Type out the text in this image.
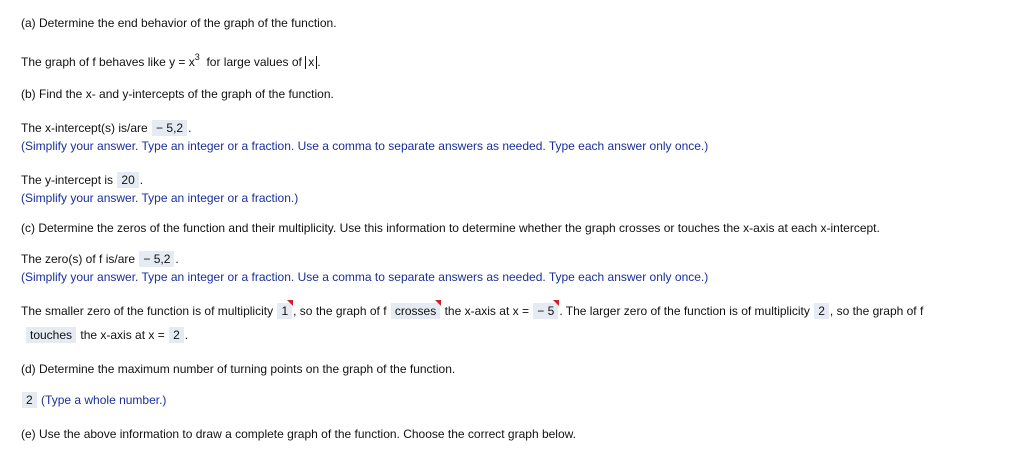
(a) Determine the end behavior of the graph of the function.
The graph of f behaves like $y = x^3$ for large values of x .
(b) Find the x- and y-intercepts of the graph of the function.
The x-intercept(s) is/are − 5,2 .
(Simplify your answer. Type an integer or a fraction. Use a comma to separate answers as needed. Type each answer only once.)
The y-intercept is 20 .
(Simplify your answer. Type an integer or a fraction.)
(c) Determine the zeros of the function and their multiplicity. Use this information to determine whether the graph crosses or touches the x-axis at each x-intercept.
The zero(s) of f is/are − 5,2 .
(Simplify your answer. Type an integer or a fraction. Use a comma to separate answers as needed. Type each answer only once.)
The smaller zero of the function is of multiplicity 1 , so the graph of f crosses the x-axis at x = − 5 . The larger zero of the function is of multiplicity 2 , so the graph of f
touches the x-axis at x = 2 .
(d) Determine the maximum number of turning points on the graph of the function.
2 (Type a whole number.)
(e) Use the above information to draw a complete graph of the function. Choose the correct graph below.
